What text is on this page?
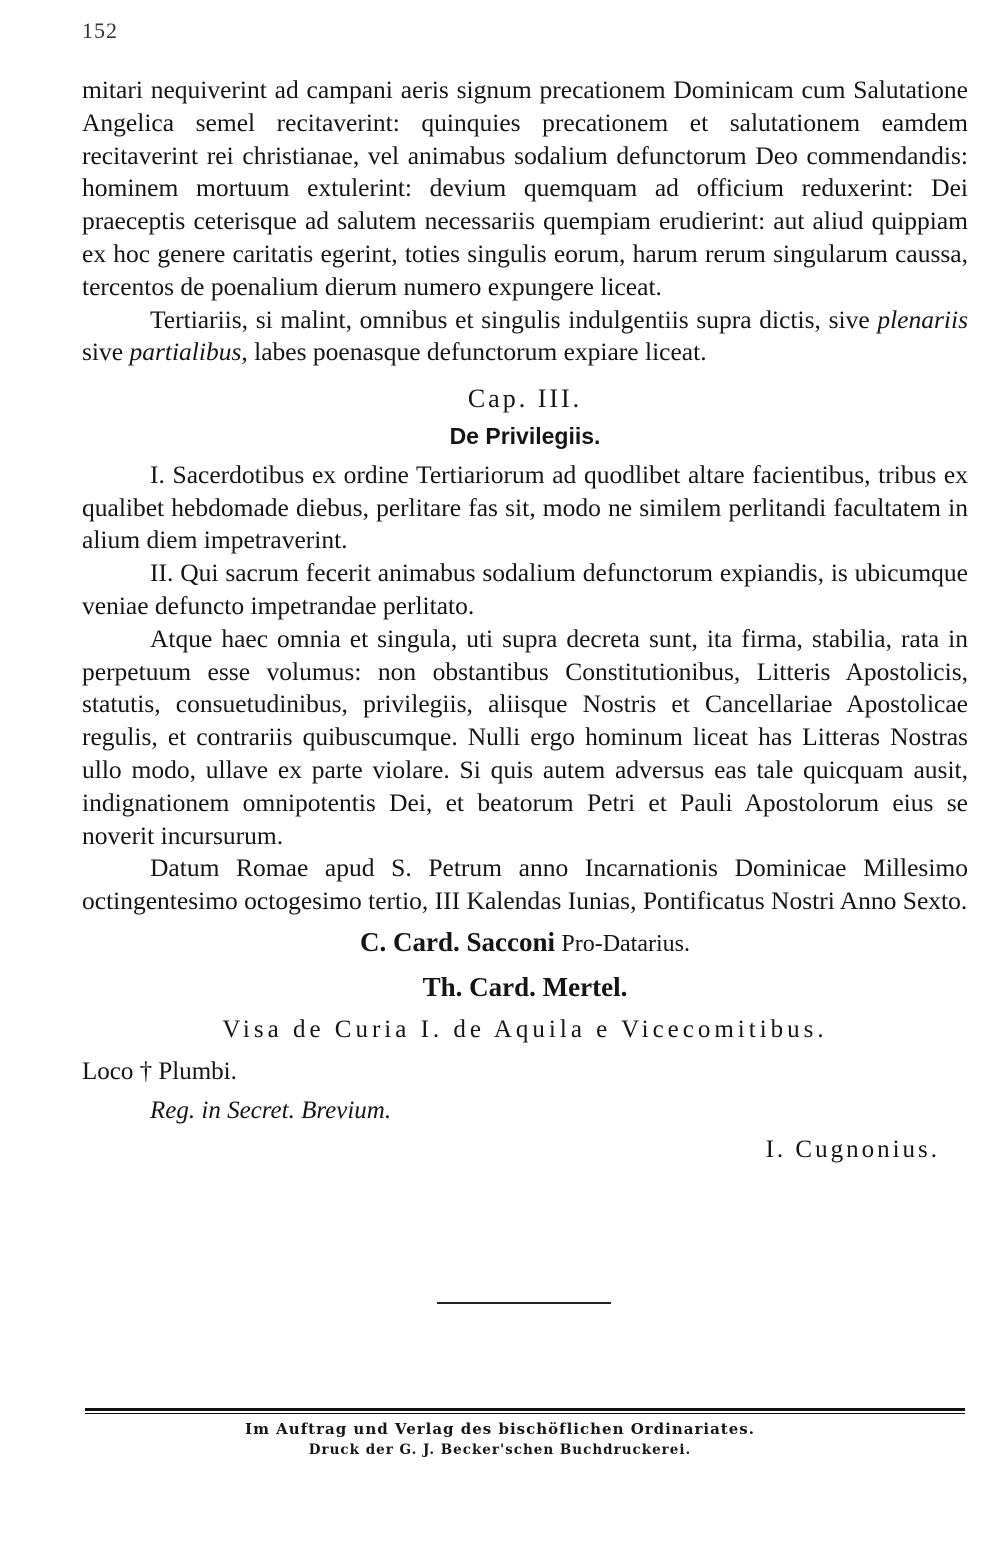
152

mitari nequiverint ad campani aeris signum precationem Dominicam cum Salutatione Angelica semel recitaverint: quinquies precationem et salutationem eamdem recitaverint rei christianae, vel animabus sodalium defunctorum Deo commendandis: hominem mortuum extulerint: devium quemquam ad officium reduxerint: Dei praeceptis ceterisque ad salutem necessariis quempiam erudierint: aut aliud quippiam ex hoc genere caritatis egerint, toties singulis eorum, harum rerum singularum caussa, tercentos de poenalium dierum numero expungere liceat.

Tertiariis, si malint, omnibus et singulis indulgentiis supra dictis, sive plenariis sive partialibus, labes poenasque defunctorum expiare liceat.

Cap. III.
De Privilegiis.

I. Sacerdotibus ex ordine Tertiariorum ad quodlibet altare facientibus, tribus ex qualibet hebdomade diebus, perlitare fas sit, modo ne similem perlitandi facultatem in alium diem impetraverint.

II. Qui sacrum fecerit animabus sodalium defunctorum expiandis, is ubicumque veniae defuncto impetrandae perlitato.

Atque haec omnia et singula, uti supra decreta sunt, ita firma, stabilia, rata in perpetuum esse volumus: non obstantibus Constitutionibus, Litteris Apostolicis, statutis, consuetudinibus, privilegiis, aliisque Nostris et Cancellariae Apostolicae regulis, et contrariis quibuscumque. Nulli ergo hominum liceat has Litteras Nostras ullo modo, ullave ex parte violare. Si quis autem adversus eas tale quicquam ausit, indignationem omnipotentis Dei, et beatorum Petri et Pauli Apostolorum eius se noverit incursurum.

Datum Romae apud S. Petrum anno Incarnationis Dominicae Millesimo octingentesimo octogesimo tertio, III Kalendas Iunias, Pontificatus Nostri Anno Sexto.

C. Card. Sacconi Pro-Datarius.
Th. Card. Mertel.
Visa de Curia I. de Aquila e Vicecomitibus.
Loco † Plumbi.
Reg. in Secret. Brevium.
I. Cugnonius.
Im Auftrag und Verlag des bischöflichen Ordinariates.
Druck der G. J. Becker'schen Buchdruckerei.
